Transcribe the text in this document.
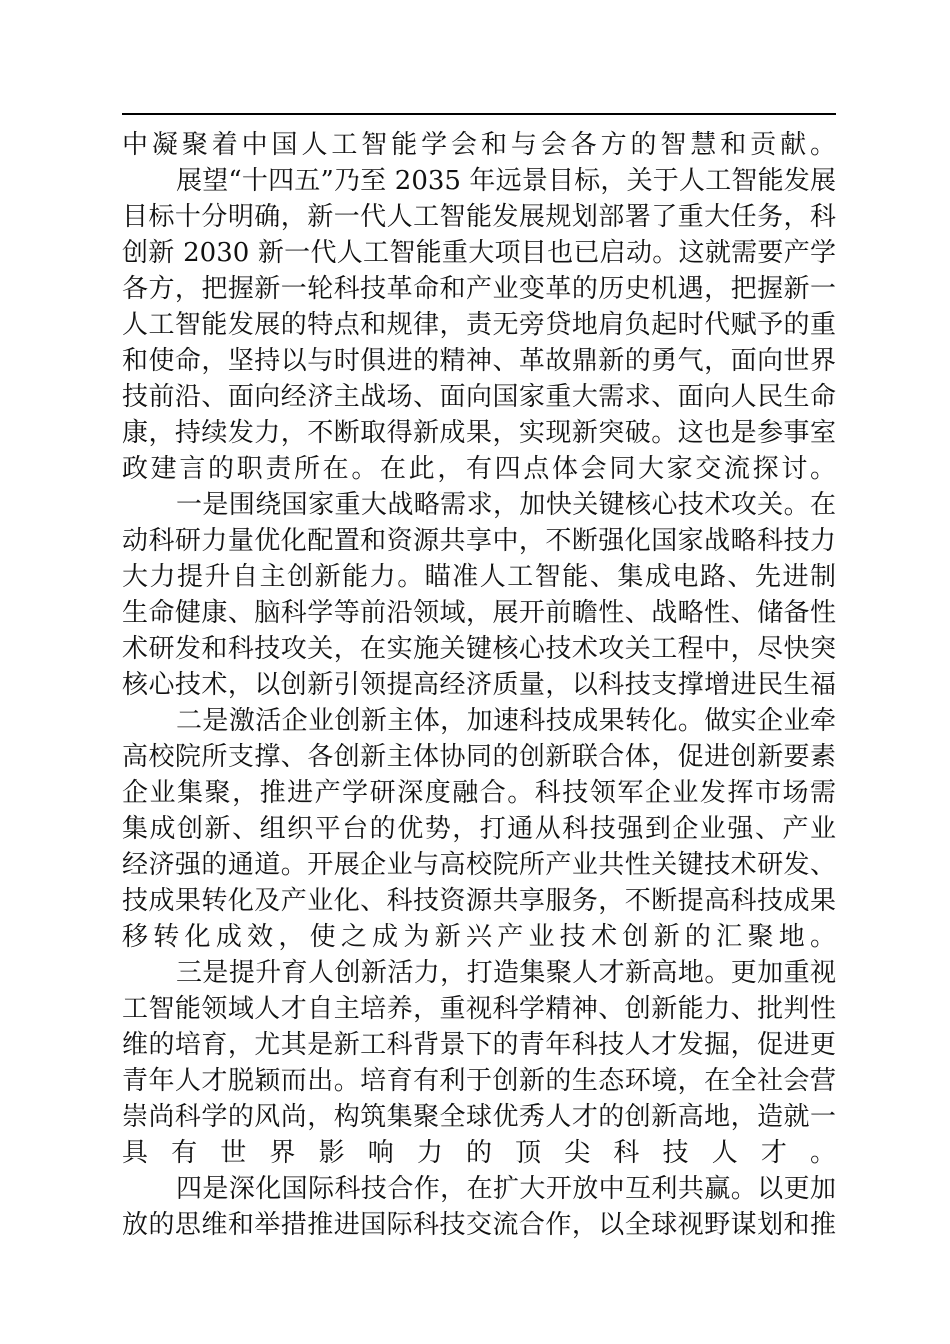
中凝聚着中国人工智能学会和与会各方的智慧和贡献。
展望“十四五”乃至 2035 年远景目标，关于人工智能发展
目标十分明确，新一代人工智能发展规划部署了重大任务，科
创新 2030 新一代人工智能重大项目也已启动。这就需要产学
各方，把握新一轮科技革命和产业变革的历史机遇，把握新一
人工智能发展的特点和规律，责无旁贷地肩负起时代赋予的重
和使命，坚持以与时俱进的精神、革故鼎新的勇气，面向世界
技前沿、面向经济主战场、面向国家重大需求、面向人民生命
康，持续发力，不断取得新成果，实现新突破。这也是参事室
政建言的职责所在。在此，有四点体会同大家交流探讨。
一是围绕国家重大战略需求，加快关键核心技术攻关。在
动科研力量优化配置和资源共享中，不断强化国家战略科技力
大力提升自主创新能力。瞄准人工智能、集成电路、先进制
生命健康、脑科学等前沿领域，展开前瞻性、战略性、储备性
术研发和科技攻关，在实施关键核心技术攻关工程中，尽快突
核心技术，以创新引领提高经济质量，以科技支撑增进民生福
二是激活企业创新主体，加速科技成果转化。做实企业牵
高校院所支撑、各创新主体协同的创新联合体，促进创新要素
企业集聚，推进产学研深度融合。科技领军企业发挥市场需
集成创新、组织平台的优势，打通从科技强到企业强、产业
经济强的通道。开展企业与高校院所产业共性关键技术研发、
技成果转化及产业化、科技资源共享服务，不断提高科技成果
移转化成效，使之成为新兴产业技术创新的汇聚地。
三是提升育人创新活力，打造集聚人才新高地。更加重视
工智能领域人才自主培养，重视科学精神、创新能力、批判性
维的培育，尤其是新工科背景下的青年科技人才发掘，促进更
青年人才脱颖而出。培育有利于创新的生态环境，在全社会营
崇尚科学的风尚，构筑集聚全球优秀人才的创新高地，造就一
具有世界影响力的顶尖科技人才。
四是深化国际科技合作，在扩大开放中互利共赢。以更加
放的思维和举措推进国际科技交流合作，以全球视野谋划和推
